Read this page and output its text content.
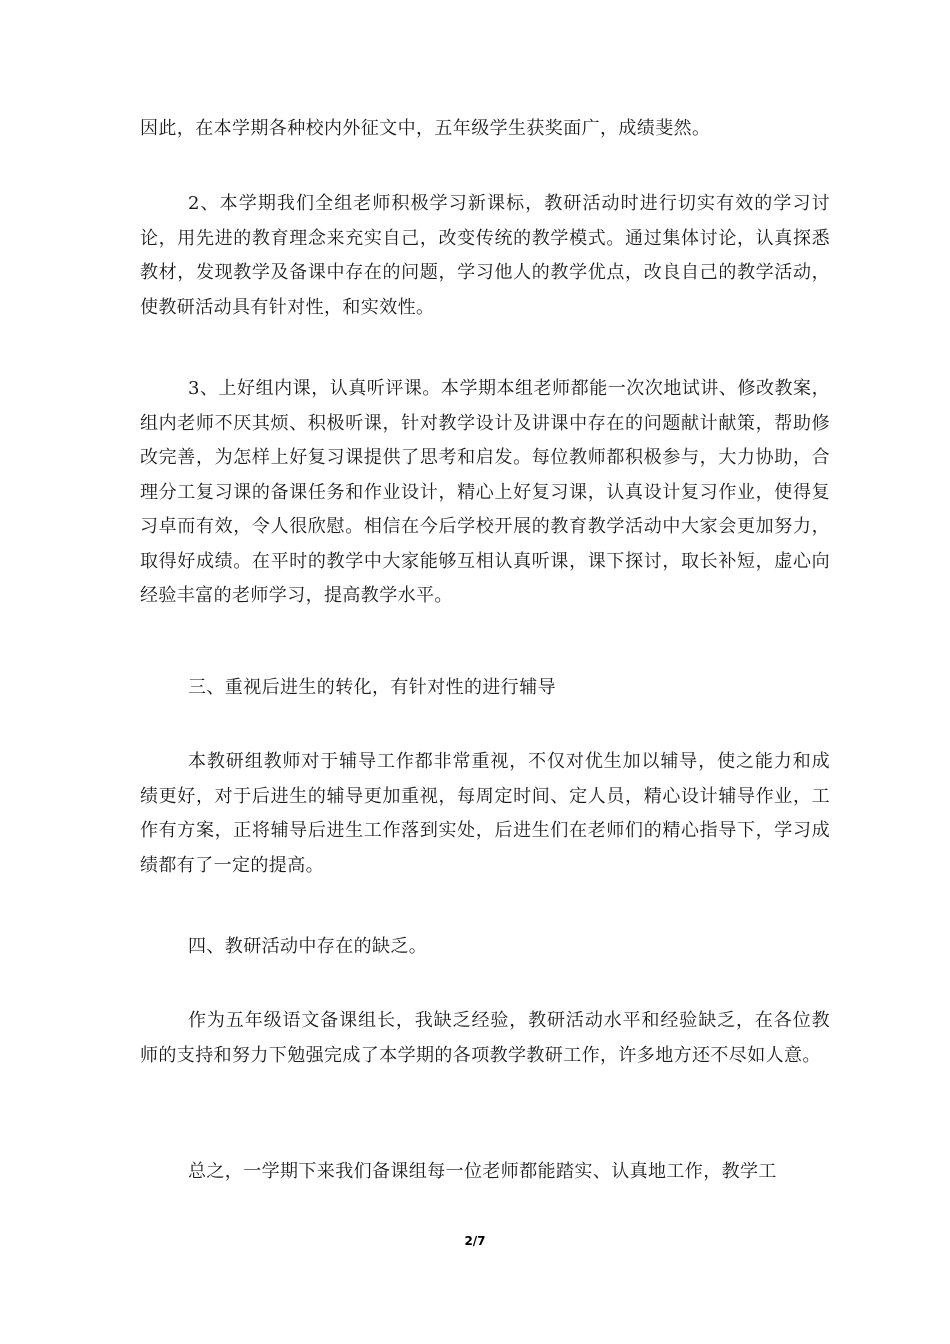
因此，在本学期各种校内外征文中，五年级学生获奖面广，成绩斐然。

2、本学期我们全组老师积极学习新课标，教研活动时进行切实有效的学习讨论，用先进的教育理念来充实自己，改变传统的教学模式。通过集体讨论，认真探悉教材，发现教学及备课中存在的问题，学习他人的教学优点，改良自己的教学活动，使教研活动具有针对性，和实效性。

3、上好组内课，认真听评课。本学期本组老师都能一次次地试讲、修改教案，组内老师不厌其烦、积极听课，针对教学设计及讲课中存在的问题献计献策，帮助修改完善，为怎样上好复习课提供了思考和启发。每位教师都积极参与，大力协助，合理分工复习课的备课任务和作业设计，精心上好复习课，认真设计复习作业，使得复习卓而有效，令人很欣慰。相信在今后学校开展的教育教学活动中大家会更加努力，取得好成绩。在平时的教学中大家能够互相认真听课，课下探讨，取长补短，虚心向经验丰富的老师学习，提高教学水平。

三、重视后进生的转化，有针对性的进行辅导

本教研组教师对于辅导工作都非常重视，不仅对优生加以辅导，使之能力和成绩更好，对于后进生的辅导更加重视，每周定时间、定人员，精心设计辅导作业，工作有方案，正将辅导后进生工作落到实处，后进生们在老师们的精心指导下，学习成绩都有了一定的提高。

四、教研活动中存在的缺乏。

作为五年级语文备课组长，我缺乏经验，教研活动水平和经验缺乏，在各位教师的支持和努力下勉强完成了本学期的各项教学教研工作，许多地方还不尽如人意。

总之，一学期下来我们备课组每一位老师都能踏实、认真地工作，教学工

2/7
